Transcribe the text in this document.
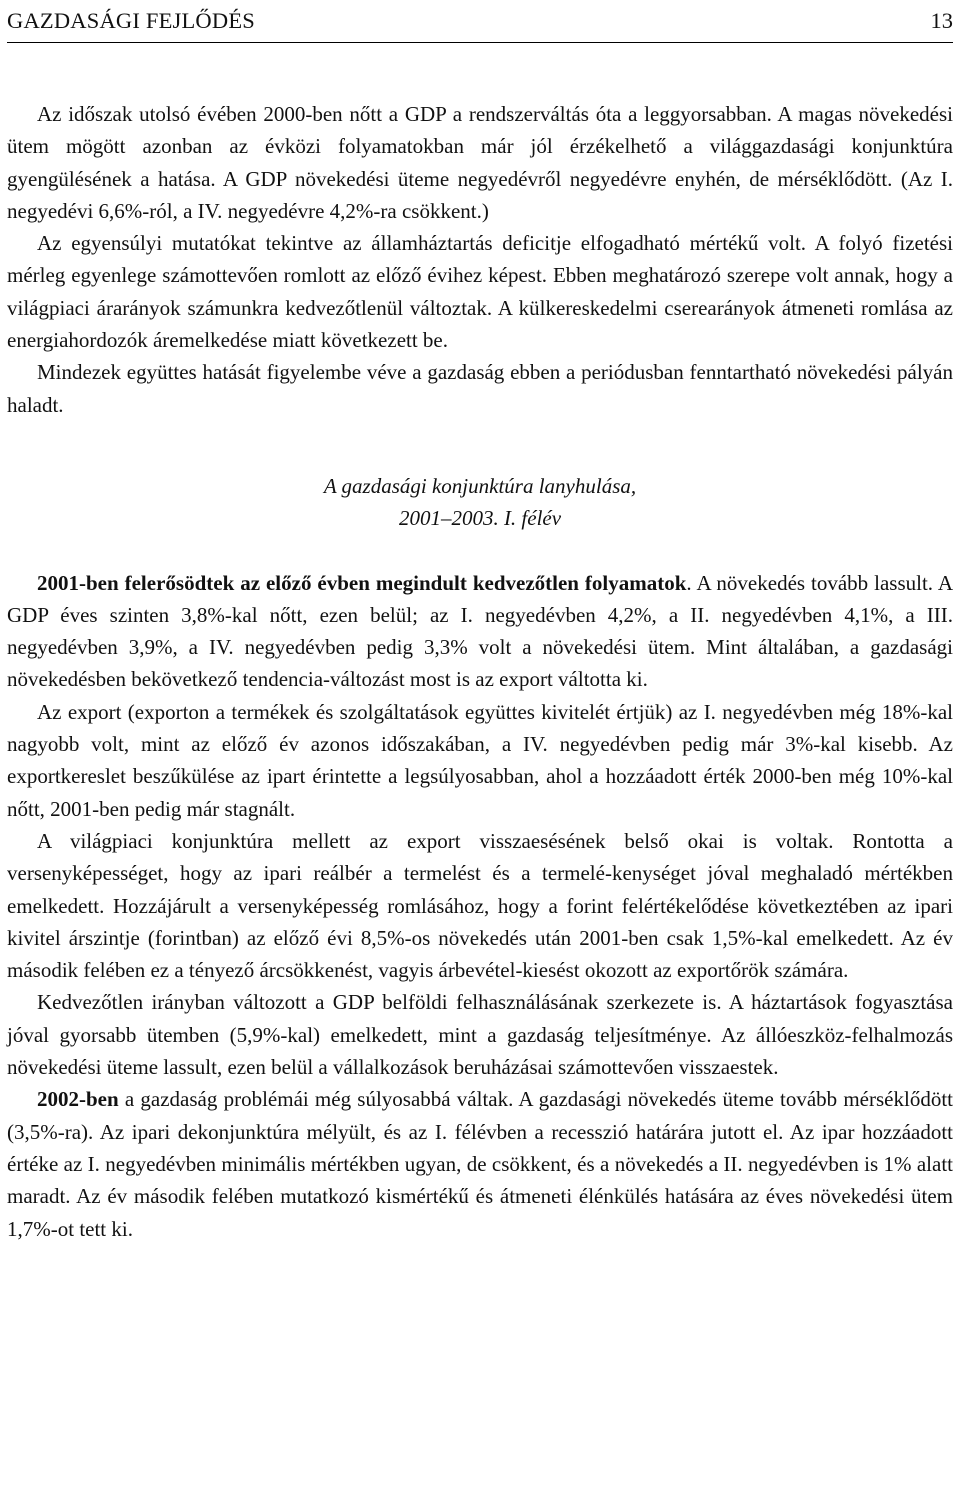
GAZDASÁGI FEJLŐDÉS	13

Az időszak utolsó évében 2000-ben nőtt a GDP a rendszerváltás óta a leggyorsabban. A magas növekedési ütem mögött azonban az évközi folyamatokban már jól érzékelhető a világgazdasági konjunktúra gyengülésének a hatása. A GDP növekedési üteme negyedévről negyedévre enyhén, de mérséklődött. (Az I. negyedévi 6,6%-ról, a IV. negyedévre 4,2%-ra csökkent.)

Az egyensúlyi mutatókat tekintve az államháztartás deficitje elfogadható mértékű volt. A folyó fizetési mérleg egyenlege számottevően romlott az előző évihez képest. Ebben meghatározó szerepe volt annak, hogy a világpiaci árarányok számunkra kedvezőtlenül változtak. A külkereskedelmi cserearányok átmeneti romlása az energiahordozók áremelkedése miatt következett be.

Mindezek együttes hatását figyelembe véve a gazdaság ebben a periódusban fenntartható növekedési pályán haladt.

A gazdasági konjunktúra lanyhulása,
2001–2003. I. félév

2001-ben felerősödtek az előző évben megindult kedvezőtlen folyamatok. A növekedés tovább lassult. A GDP éves szinten 3,8%-kal nőtt, ezen belül; az I. negyedévben 4,2%, a II. negyedévben 4,1%, a III. negyedévben 3,9%, a IV. negyedévben pedig 3,3% volt a növekedési ütem. Mint általában, a gazdasági növekedésben bekövetkező tendencia-változást most is az export váltotta ki.

Az export (exporton a termékek és szolgáltatások együttes kivitelét értjük) az I. negyedévben még 18%-kal nagyobb volt, mint az előző év azonos időszakában, a IV. negyedévben pedig már 3%-kal kisebb. Az exportkereslet beszűkülése az ipart érintette a legsúlyosabban, ahol a hozzáadott érték 2000-ben még 10%-kal nőtt, 2001-ben pedig már stagnált.

A világpiaci konjunktúra mellett az export visszaesésének belső okai is voltak. Rontotta a versenyképességet, hogy az ipari reálbér a termelést és a termelé-kenységet jóval meghaladó mértékben emelkedett. Hozzájárult a versenyképesség romlásához, hogy a forint felértékelődése következtében az ipari kivitel árszintje (forintban) az előző évi 8,5%-os növekedés után 2001-ben csak 1,5%-kal emelkedett. Az év második felében ez a tényező árcsökkenést, vagyis árbevétel-kiesést okozott az exportőrök számára.

Kedvezőtlen irányban változott a GDP belföldi felhasználásának szerkezete is. A háztartások fogyasztása jóval gyorsabb ütemben (5,9%-kal) emelkedett, mint a gazdaság teljesítménye. Az állóeszköz-felhalmozás növekedési üteme lassult, ezen belül a vállalkozások beruházásai számottevően visszaestek.

2002-ben a gazdaság problémái még súlyosabbá váltak. A gazdasági növekedés üteme tovább mérséklődött (3,5%-ra). Az ipari dekonjunktúra mélyült, és az I. félévben a recesszió határára jutott el. Az ipar hozzáadott értéke az I. negyedévben minimális mértékben ugyan, de csökkent, és a növekedés a II. negyedévben is 1% alatt maradt. Az év második felében mutatkozó kismértékű és átmeneti élénkülés hatására az éves növekedési ütem 1,7%-ot tett ki.
